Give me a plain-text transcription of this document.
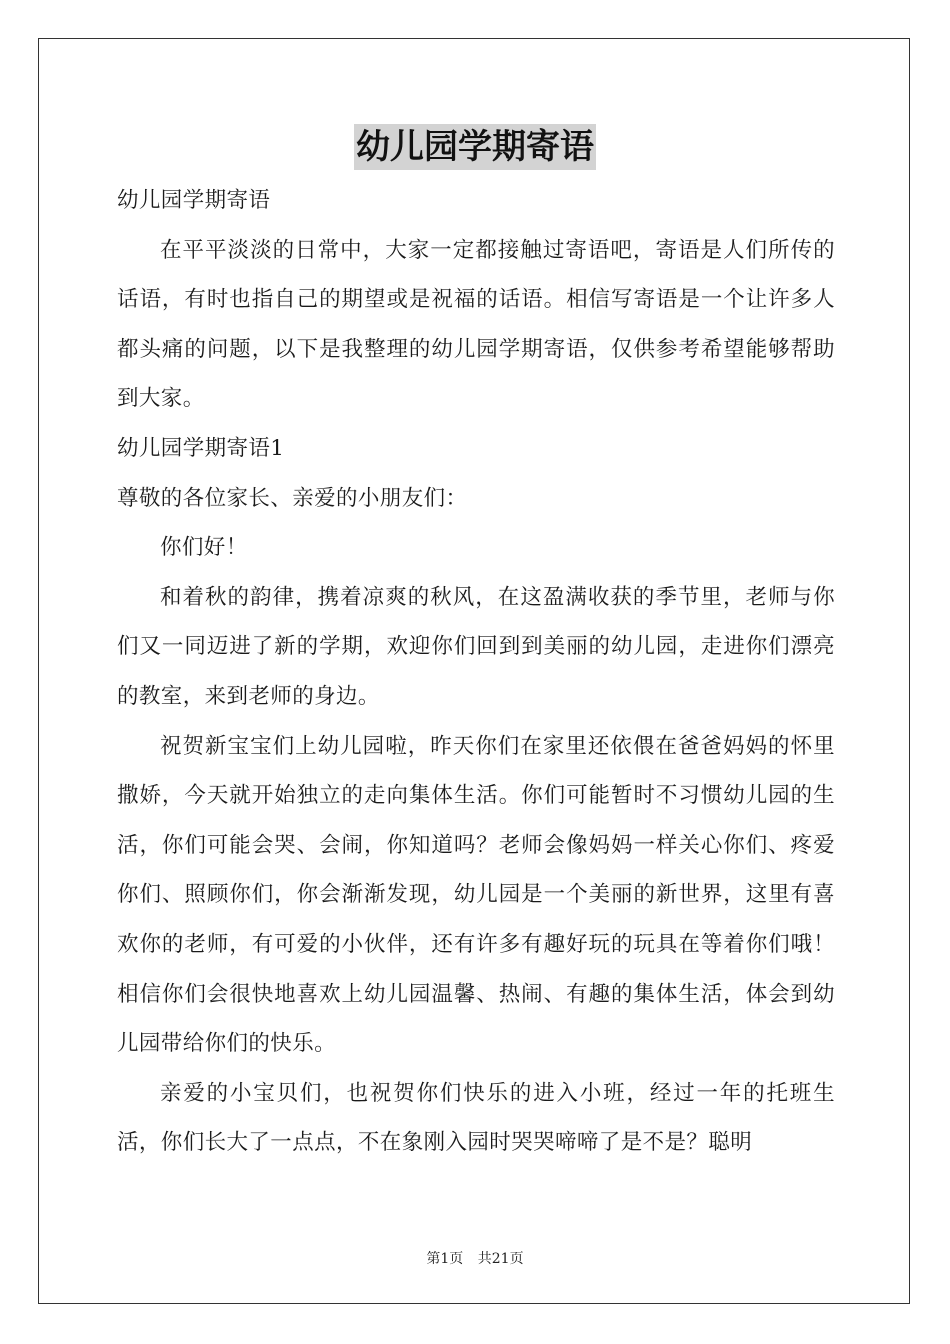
幼儿园学期寄语

幼儿园学期寄语

在平平淡淡的日常中，大家一定都接触过寄语吧，寄语是人们所传的话语，有时也指自己的期望或是祝福的话语。相信写寄语是一个让许多人都头痛的问题，以下是我整理的幼儿园学期寄语，仅供参考希望能够帮助到大家。

幼儿园学期寄语1

尊敬的各位家长、亲爱的小朋友们：

你们好！

和着秋的韵律，携着凉爽的秋风，在这盈满收获的季节里，老师与你们又一同迈进了新的学期，欢迎你们回到到美丽的幼儿园，走进你们漂亮的教室，来到老师的身边。

祝贺新宝宝们上幼儿园啦，昨天你们在家里还依偎在爸爸妈妈的怀里撒娇，今天就开始独立的走向集体生活。你们可能暂时不习惯幼儿园的生活，你们可能会哭、会闹，你知道吗？老师会像妈妈一样关心你们、疼爱你们、照顾你们，你会渐渐发现，幼儿园是一个美丽的新世界，这里有喜欢你的老师，有可爱的小伙伴，还有许多有趣好玩的玩具在等着你们哦！相信你们会很快地喜欢上幼儿园温馨、热闹、有趣的集体生活，体会到幼儿园带给你们的快乐。

亲爱的小宝贝们，也祝贺你们快乐的进入小班，经过一年的托班生活，你们长大了一点点，不在象刚入园时哭哭啼啼了是不是？聪明

第1页 共21页
